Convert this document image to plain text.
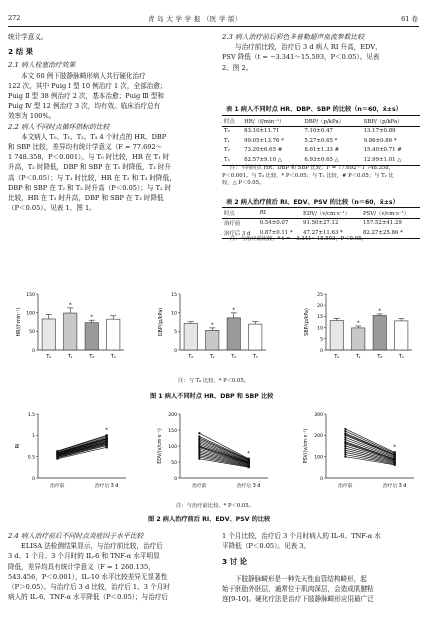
272	青 岛 大 学 学 报 （医 学 版）	61 卷
统计学意义。
2 结 果
2.1 病人栓塞治疗效果
本文 60 例下肢静脉畸形病人共行硬化治疗
122 次。其中 Puig Ⅰ 型 10 例治疗 1 次，全部治愈；
Puig Ⅱ 型 38 例治疗 2 次，基本治愈；Puig Ⅲ 型和
Puig Ⅳ 型 12 例治疗 3 次，均有效。临床治疗总有
效率为 100%。
2.2 病人不同时点循环指标的比较
本文病人 T₀、T₁、T₂、T₃ 4 个时点的 HR、DBP
和 SBP 比较，差异均有统计学意义（F = 77.692～
1 748.358，P＜0.001）。与 T₀ 时比较，HR 在 T₁ 时
升高，T₂ 时降低，DBP 和 SBP 在 T₁ 时降低，T₂ 时升
高（P＜0.05）；与 T₁ 时比较，HR 在 T₂ 和 T₃ 时降低，
DBP 和 SBP 在 T₂ 和 T₃ 时升高（P＜0.05）；与 T₂ 时
比较，HR 在 T₃ 时升高，DBP 和 SBP 在 T₃ 时降低
（P＜0.05）。见表 1、图 1。
2.3 病人治疗前后彩色多普勒超声血流参数比较
与治疗前比较，治疗后 3 d 病人 RI 升高，EDV、
PSV 降低（t = −3.341～15.593，P＜0.05）。见表
2、图 2。
表 1 病人不同时点 HR、DBP、SBP 的比较（n＝60，x̄±s）
时点	HR/（f/min⁻¹）	DBP/（p/kPa）	SBP/（p/kPa）
T₀	83.10±11.71	7.10±0.47	13.17±0.89
T₁	99.05±13.76 *	5.27±0.65 *	9.86±0.86 *
T₂	73.20±6.65 #	8.61±1.33 #	15.40±0.71 #
T₃	82.57±9.10 △	6.93±0.65 △	12.99±1.01 △
注：不同时点 HR、DBP 和 SBP 比较，F = 77.692～1 748.358，
P＜0.001。与 T₀ 比较，* P＜0.05；与 T₁ 比较，# P＜0.05；与 T₂ 比
较，△ P＜0.05。
表 2 病人治疗前后 RI、EDV、PSV 的比较（n＝60，x̄±s）
时点	RI	EDV/（v/cm·s⁻¹）	PSV/（v/cm·s⁻¹）
治疗前	0.54±0.07	91.50±27.12	157.52±41.29
治疗后 3 d	0.87±0.11 *	47.27±11.63 *	82.27±25.86 *
注：与治疗前比较，* t = −3.341～15.593，P＜0.05。
0
50
100
150
HR/(f·min⁻¹)
T₀
*
T₁
*
T₂	T₃
0
5
10
15
DBP/(p/kPa)
T₀
*
T₁
*
T₂	T₃
0
5
10
15
20
25
SBP/(p/kPa)
T₀
*
T₁
*
T₂	T₃
注：与 T₀ 比较，* P＜0.05。
图 1 病人不同时点 HR、DBP 和 SBP 比较
0
0.5
1
1.5
RI
*
治疗前	治疗后 3 d
0
50
100
150
200
EDV/(v/cm·s⁻¹)	*
治疗前	治疗后 3 d
0
100
200
300
PSV/(v/cm·s⁻¹)	*
治疗前	治疗后 3 d
注：与治疗前比较，* P＜0.05。
图 2 病人治疗前后 RI、EDV、PSV 的比较
2.4 病人治疗前后不同时点炎症因子水平比较
ELISA 法检测结果显示，与治疗前比较，治疗后
3 d、1 个月、3 个月时的 IL-6 和 TNF-α 水平明显
降低，差异均具有统计学意义（F = 1 260.135，
543.456，P＜0.001），IL-10 水平比较差异无显著性
（P＞0.05）。与治疗后 3 d 比较，治疗后 1、3 个月时
病人的 IL-6、TNF-α 水平降低（P＜0.05）；与治疗后
1 个月比较，治疗后 3 个月时病人的 IL-6、TNF-α 水
平降低（P＜0.05）。见表 3。
3 讨 论
下肢静脉畸形是一种先天性血管结构畸形，起
始于胚胎外胚层，通常位于肌肉深层，会造成肌腱粘
连[9-10]。硬化疗法是治疗下肢静脉畸形应用最广泛
